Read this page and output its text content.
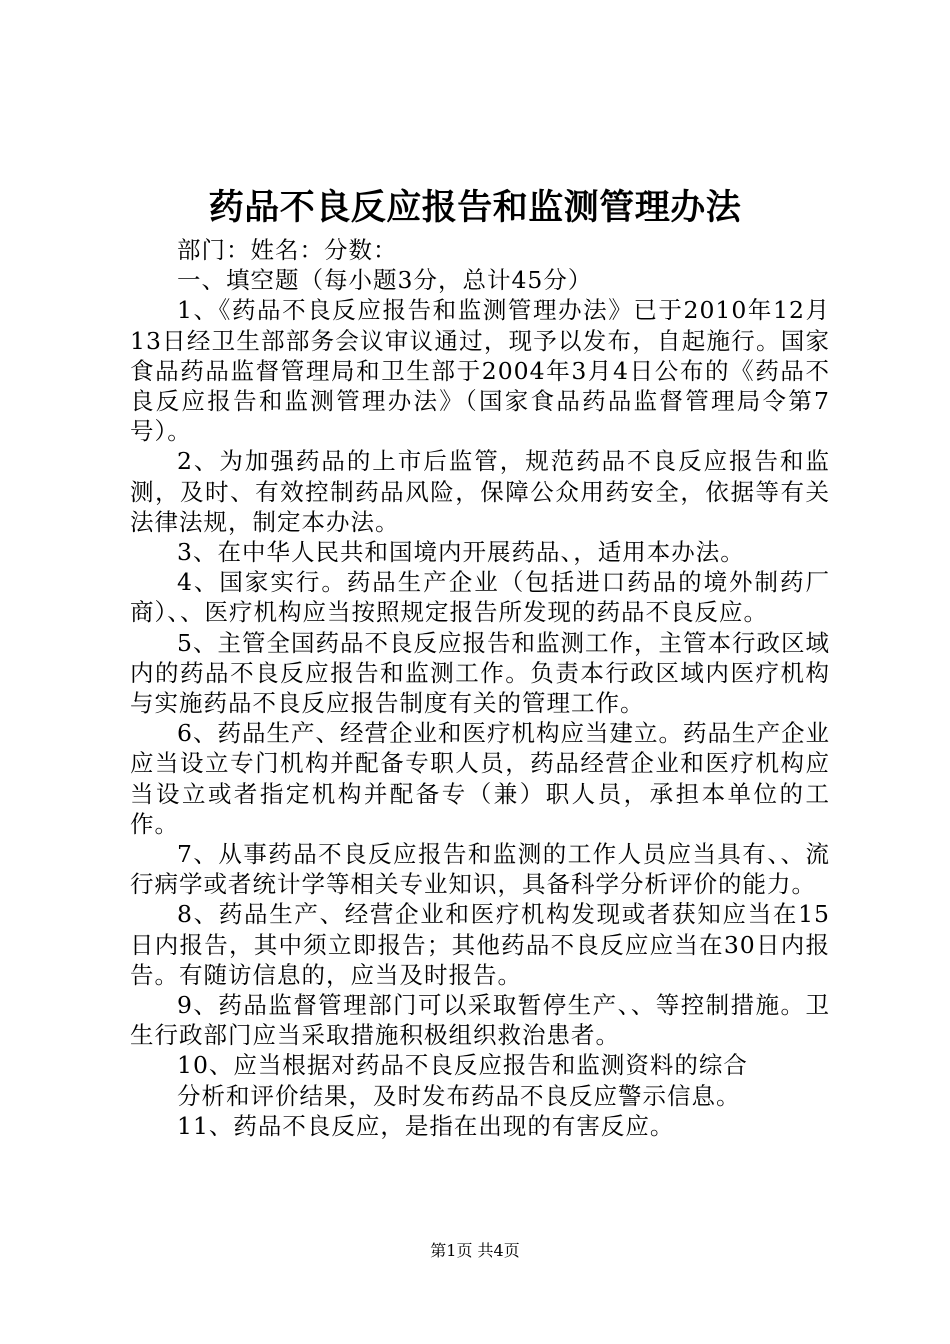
药品不良反应报告和监测管理办法

部门：姓名：分数：

一、填空题（每小题3分，总计45分）

1、《药品不良反应报告和监测管理办法》已于2010年12月13日经卫生部部务会议审议通过，现予以发布，自起施行。国家食品药品监督管理局和卫生部于2004年3月4日公布的《药品不良反应报告和监测管理办法》（国家食品药品监督管理局令第7号）。

2、为加强药品的上市后监管，规范药品不良反应报告和监测，及时、有效控制药品风险，保障公众用药安全，依据等有关法律法规，制定本办法。

3、在中华人民共和国境内开展药品、，适用本办法。

4、国家实行。药品生产企业（包括进口药品的境外制药厂商）、、医疗机构应当按照规定报告所发现的药品不良反应。

5、主管全国药品不良反应报告和监测工作，主管本行政区域内的药品不良反应报告和监测工作。负责本行政区域内医疗机构与实施药品不良反应报告制度有关的管理工作。

6、药品生产、经营企业和医疗机构应当建立。药品生产企业应当设立专门机构并配备专职人员，药品经营企业和医疗机构应当设立或者指定机构并配备专（兼）职人员，承担本单位的工作。

7、从事药品不良反应报告和监测的工作人员应当具有、、流行病学或者统计学等相关专业知识，具备科学分析评价的能力。

8、药品生产、经营企业和医疗机构发现或者获知应当在15日内报告，其中须立即报告；其他药品不良反应应当在30日内报告。有随访信息的，应当及时报告。

9、药品监督管理部门可以采取暂停生产、、等控制措施。卫生行政部门应当采取措施积极组织救治患者。

10、应当根据对药品不良反应报告和监测资料的综合

分析和评价结果，及时发布药品不良反应警示信息。

11、药品不良反应，是指在出现的有害反应。

第1页 共4页
